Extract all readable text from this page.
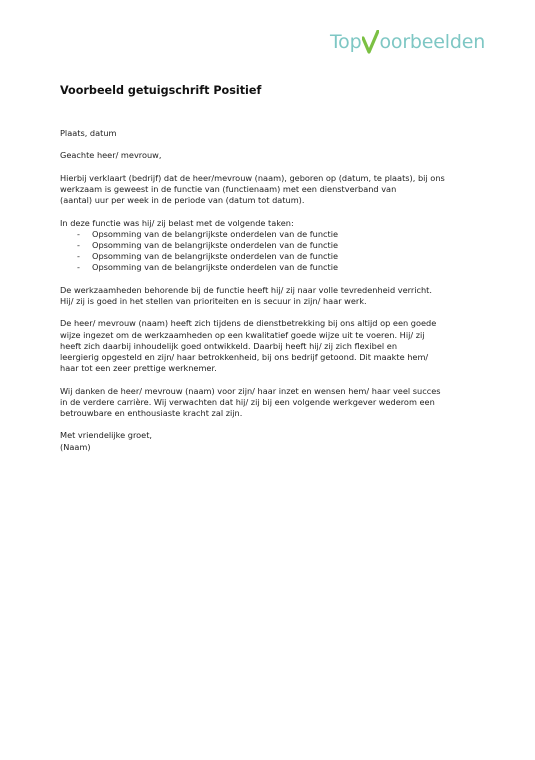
Top oorbeelden
Voorbeeld getuigschrift Positief

Plaats, datum

Geachte heer/ mevrouw,

Hierbij verklaart (bedrijf) dat de heer/mevrouw (naam), geboren op (datum, te plaats), bij ons
werkzaam is geweest in de functie van (functienaam) met een dienstverband van
(aantal) uur per week in de periode van (datum tot datum).

In deze functie was hij/ zij belast met de volgende taken:

- Opsomming van de belangrijkste onderdelen van de functie
- Opsomming van de belangrijkste onderdelen van de functie
- Opsomming van de belangrijkste onderdelen van de functie
- Opsomming van de belangrijkste onderdelen van de functie

De werkzaamheden behorende bij de functie heeft hij/ zij naar volle tevredenheid verricht.
Hij/ zij is goed in het stellen van prioriteiten en is secuur in zijn/ haar werk.

De heer/ mevrouw (naam) heeft zich tijdens de dienstbetrekking bij ons altijd op een goede
wijze ingezet om de werkzaamheden op een kwalitatief goede wijze uit te voeren. Hij/ zij
heeft zich daarbij inhoudelijk goed ontwikkeld. Daarbij heeft hij/ zij zich flexibel en
leergierig opgesteld en zijn/ haar betrokkenheid, bij ons bedrijf getoond. Dit maakte hem/
haar tot een zeer prettige werknemer.

Wij danken de heer/ mevrouw (naam) voor zijn/ haar inzet en wensen hem/ haar veel succes
in de verdere carrière. Wij verwachten dat hij/ zij bij een volgende werkgever wederom een
betrouwbare en enthousiaste kracht zal zijn.

Met vriendelijke groet,
(Naam)
